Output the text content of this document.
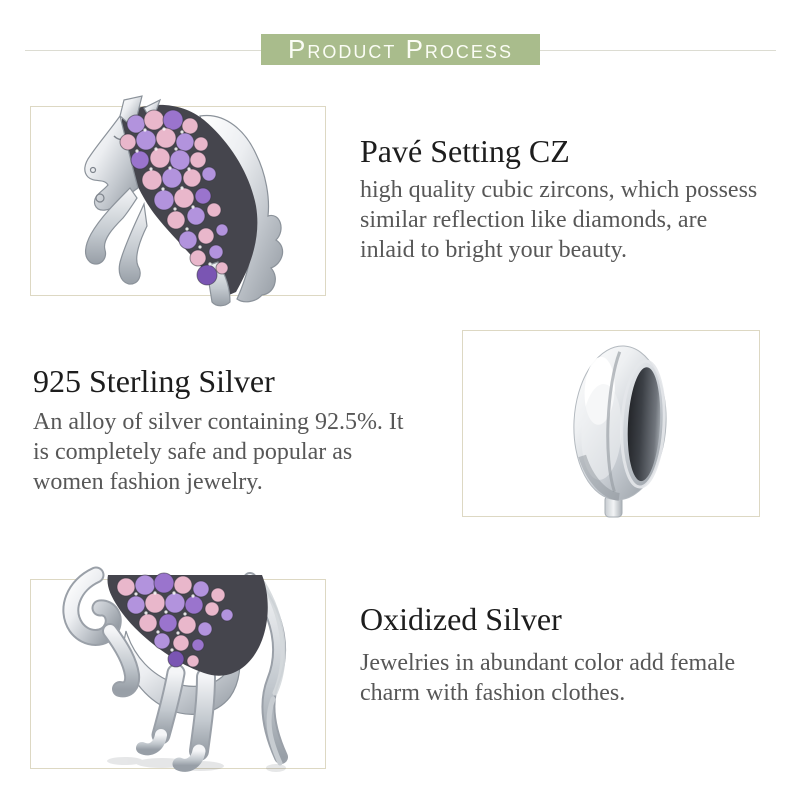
Product Process
Pavé Setting CZ
high quality cubic zircons, which possess
similar reflection like diamonds, are
inlaid to bright your beauty.
925 Sterling Silver
An alloy of silver containing 92.5%. It
is completely safe and popular as
women fashion jewelry.
Oxidized Silver
Jewelries in abundant color add female
charm with fashion clothes.
